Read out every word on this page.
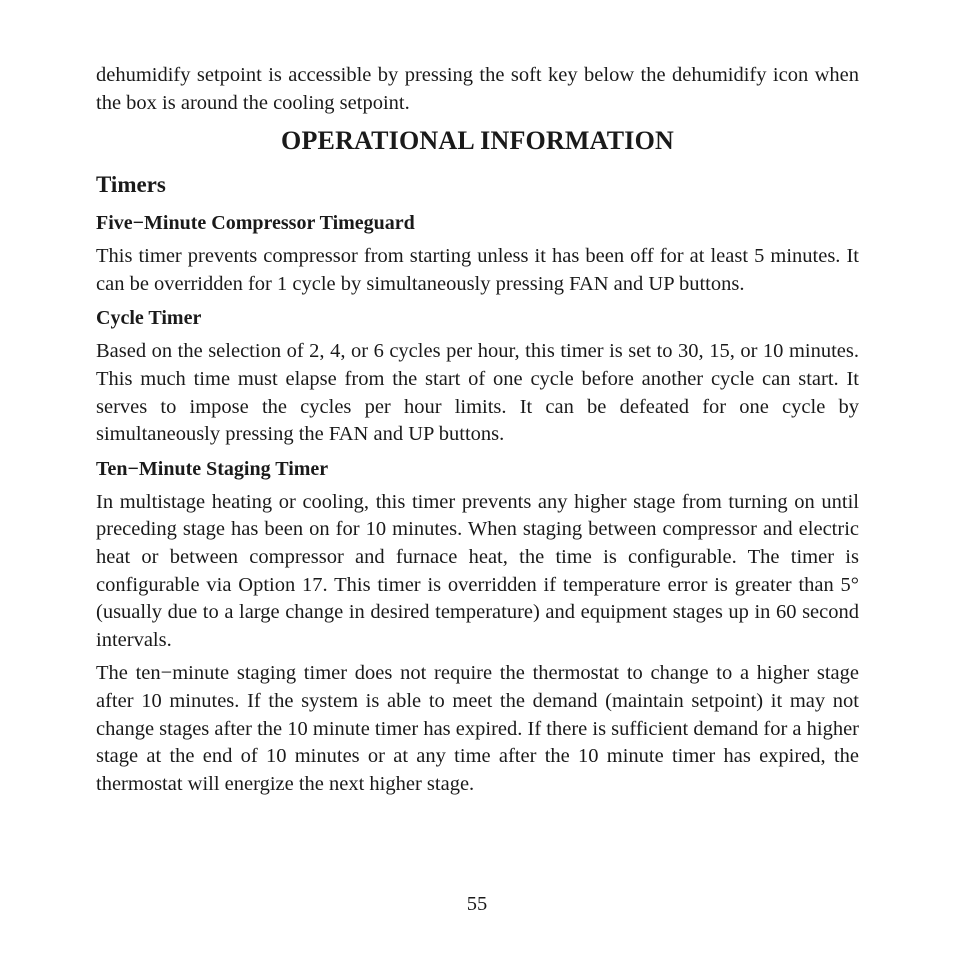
dehumidify setpoint is accessible by pressing the soft key below the dehumidify icon when the box is around the cooling setpoint.

OPERATIONAL INFORMATION
Timers
Five−Minute Compressor Timeguard

This timer prevents compressor from starting unless it has been off for at least 5 minutes. It can be overridden for 1 cycle by simultaneously pressing FAN and UP buttons.

Cycle Timer

Based on the selection of 2, 4, or 6 cycles per hour, this timer is set to 30, 15, or 10 minutes. This much time must elapse from the start of one cycle before another cycle can start. It serves to impose the cycles per hour limits. It can be defeated for one cycle by simultaneously pressing the FAN and UP buttons.

Ten−Minute Staging Timer

In multistage heating or cooling, this timer prevents any higher stage from turning on until preceding stage has been on for 10 minutes. When staging between compressor and electric heat or between compressor and furnace heat, the time is configurable. The timer is configurable via Option 17. This timer is overridden if temperature error is greater than 5° (usually due to a large change in desired temperature) and equipment stages up in 60 second intervals.

The ten−minute staging timer does not require the thermostat to change to a higher stage after 10 minutes. If the system is able to meet the demand (maintain setpoint) it may not change stages after the 10 minute timer has expired. If there is sufficient demand for a higher stage at the end of 10 minutes or at any time after the 10 minute timer has expired, the thermostat will energize the next higher stage.

55
